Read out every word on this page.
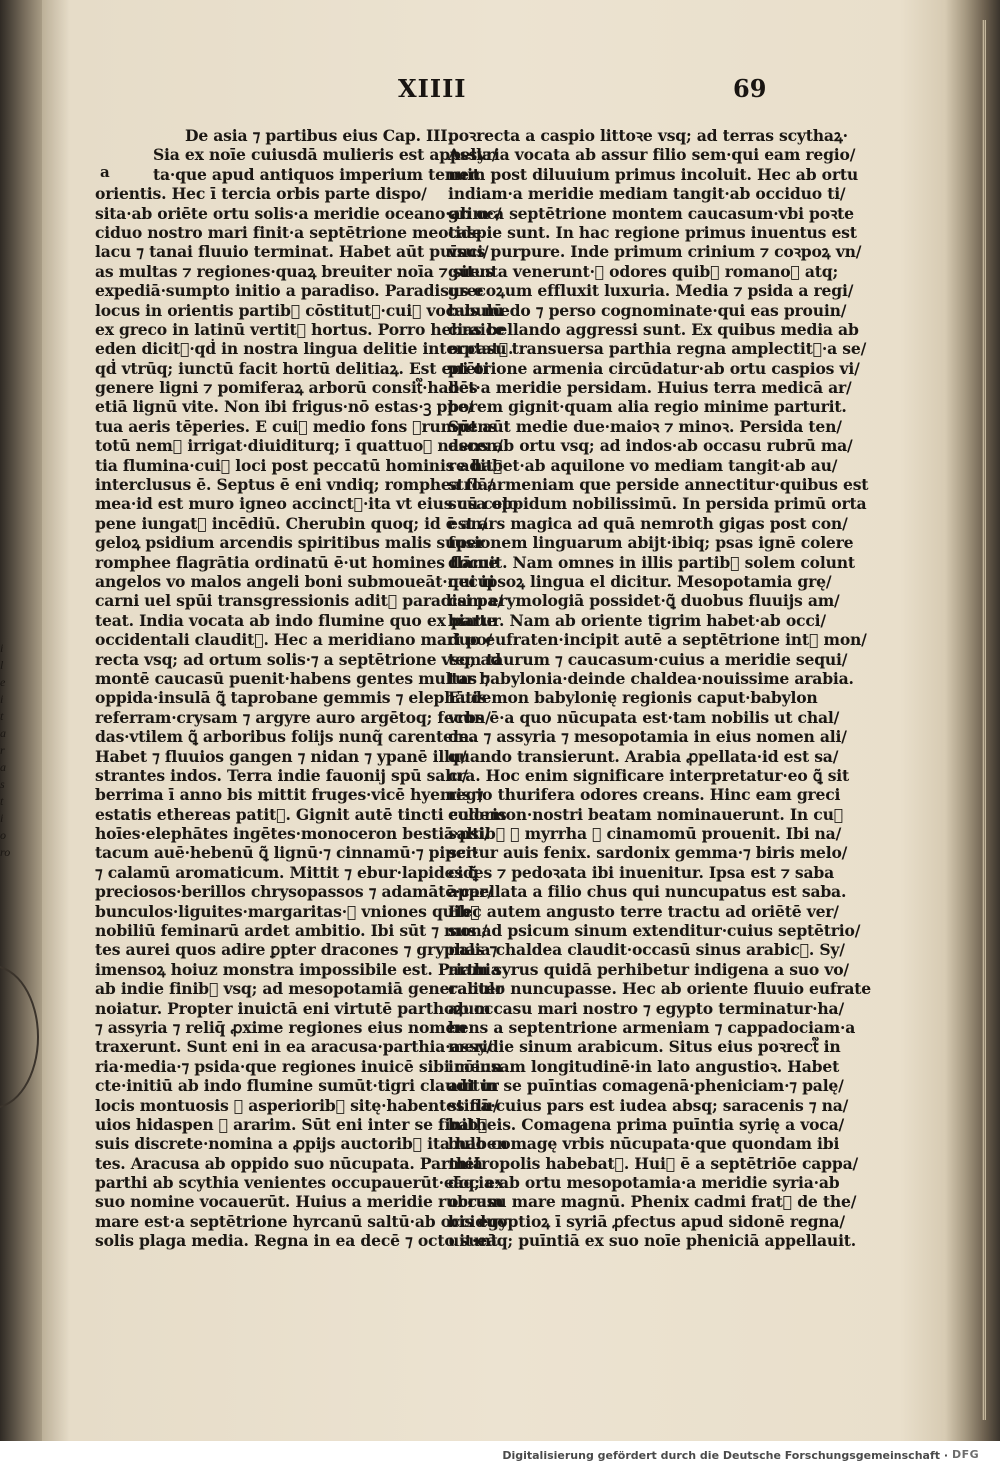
i
l
e
i
t
a
r
a
s
t
i
o
ro
XIIII	69
a
De asia ⁊ partibus eius Cap. III.
Sia ex noīe cuiusdā mulieris est appella/
ta·que apud antiquos imperium tenuit
orientis. Hec ī tercia orbis parte dispo/
sita·ab oriēte ortu solis·a meridie oceano·ab oc/
ciduo nostro mari finit·a septētrione meotide
lacu ⁊ tanai fluuio terminat. Habet aūt puīnci/
as multas ⁊ regiones·quaꝝ breuiter noīa ⁊ situs
expediā·sumpto initio a paradiso. Paradisus e
locus in orientis partib᷑ cōstitut᷑·cui᷑ vocabulū
ex greco in latinū vertit᷑ hortus. Porro hebraice
eden dicit᷑·qḋ in nostra lingua delitie interptat᷑.
qḋ vtrūq; iunctū facit hortū delitiaꝝ. Est eni oi
genere ligni ⁊ pomiferaꝝ arborū consit᷑·habēs
etiā lignū vite. Non ibi frigus·nō estas·ꝫ ppe/
tua aeris tēperies. E cui᷑ medio fons ꝓrumpens
totū nem᷑ irrigat·diuiditurq; ī quattuoꝛ nascen/
tia flumina·cui᷑ loci post peccatū hominis adit᷑
interclusus ē. Septus ē eni vndiq; romphea flā/
mea·id est muro igneo accinct᷑·ita vt eius cū celo
pene iungat᷑ incēdiū. Cherubin quoq; id ē an/
geloꝝ psidium arcendis spiritibus malis super
romphee flagrātia ordinatū ē·ut homines flāme
angelos vo malos angeli boni submoueāt·necui
carni uel spūi transgressionis adit᷑ paradisi pa/
teat. India vocata ab indo flumine quo ex parte
occidentali claudit᷑. Hec a meridiano mari po/
recta vsq; ad ortum solis·⁊ a septētrione vsq; ad
montē caucasū puenit·habens gentes multas ⁊
oppida·insulā ꝗ̃ taprobane gemmis ⁊ elephātis
referram·crysam ⁊ argyre auro argētoq; fecun/
das·vtilem ꝗ̃ arboribus folijs nunq̃ carentem.
Habet ⁊ fluuios gangen ⁊ nidan ⁊ ypanē illu/
strantes indos. Terra indie fauonij spū salu/
berrima ī anno bis mittit fruges·vicē hyemis ⁊
estatis ethereas patit᷑. Gignit autē tincti coloris
hoīes·elephātes ingētes·monoceron bestiā·psi/
tacum auē·hebenū ꝗ̃ lignū·⁊ cinnamū·⁊ piper·
⁊ calamū aromaticum. Mittit ⁊ ebur·lapides ꝗ̃
preciosos·berillos chrysopassos ⁊ adamātē·car/
bunculos·liguites·margaritas·⁊ vniones quib᷑
nobiliū feminarū ardet ambitio. Ibi sūt ⁊ mon/
tes aurei quos adire ꝑpter dracones ⁊ gryphas·⁊
imensoꝝ hoiuz monstra impossibile est. Parthia
ab indie finib᷑ vsq; ad mesopotamiā generaliter
noiatur. Propter inuictā eni virtutē parthoꝝum
⁊ assyria ⁊ reliq̄ ꝓxime regiones eius nomen
traxerunt. Sunt eni in ea aracusa·parthia·assy/
ria·media·⁊ psida·que regiones inuicē sibi cōiun
cte·initiū ab indo flumine sumūt·tigri clauditur
locis montuosis ⁊ asperiorib᷑ sitę·habentes flu/
uios hidaspen ⁊ ararim. Sūt eni inter se finib᷑
suis discrete·nomina a ꝓpijs auctorib᷑ ita haben
tes. Aracusa ab oppido suo nūcupata. Parthiā
parthi ab scythia venientes occupauerūt·eāq; ex
suo nomine vocauerūt. Huius a meridie rubrum
mare est·a septētrione hyrcanū saltū·ab occiduo
solis plaga media. Regna in ea decē ⁊ octo sunt
poꝛrecta a caspio littoꝛe vsq; ad terras scythaꝝ·
Assyria vocata ab assur filio sem·qui eam regio/
nem post diluuium primus incoluit. Hec ab ortu
indiam·a meridie mediam tangit·ab occiduo ti/
grim·a septētrione montem caucasum·vbi poꝛte
caspie sunt. In hac regione primus inuentus est
vsus purpure. Inde primum crinium ⁊ coꝛpoꝝ vn/
guenta venerunt·⁊ odores quib᷑ romanoꝝ atq;
grecoꝝum effluxit luxuria. Media ⁊ psida a regi/
bus medo ⁊ perso cognominate·qui eas prouin/
cias bellando aggressi sunt. Ex quibus media ab
occasu transuersa parthia regna amplectit᷑·a se/
ptētrione armenia circūdatur·ab ortu caspios vi/
det·a meridie persidam. Huius terra medicā ar/
borem gignit·quam alia regio minime parturit.
Sūt aūt medie due·maioꝛ ⁊ minoꝛ. Persida ten/
dens ab ortu vsq; ad indos·ab occasu rubrū ma/
re habet·ab aquilone vo mediam tangit·ab au/
stro armeniam que perside annectitur·quibus est
susa oppidum nobilissimū. In persida primū orta
est ars magica ad quā nemroth gigas post con/
fusionem linguarum abijt·ibiq; psas ignē colere
docuit. Nam omnes in illis partib᷑ solem colunt
qui ipsoꝝ lingua el dicitur. Mesopotamia grę/
cam erymologiā possidet·ꝗ̃ duobus fluuijs am/
biatur. Nam ab oriente tigrim habet·ab occi/
duo eufraten·incipit autē a septētrione int᷑ mon/
tem taurum ⁊ caucasum·cuius a meridie sequi/
tur babylonia·deinde chaldea·nouissime arabia.
Eudemon babylonię regionis caput·babylon
vrbs ē·a quo nūcupata est·tam nobilis ut chal/
dea ⁊ assyria ⁊ mesopotamia in eius nomen ali/
quando transierunt. Arabia ꝓpellata·id est sa/
cra. Hoc enim significare interpretatur·eo ꝗ̃ sit
regio thurifera odores creans. Hinc eam greci
eudemon·nostri beatam nominauerunt. In cu᷑
saltib᷑ ⁊ myrrha ⁊ cinamomū prouenit. Ibi na/
scitur auis fenix. sardonix gemma·⁊ biris melo/
cides ⁊ pedoꝛata ibi inuenitur. Ipsa est ⁊ saba
appellata a filio chus qui nuncupatus est saba.
Hec autem angusto terre tractu ad oriētē ver/
sus ad psicum sinum extenditur·cuius septētrio/
nalia chaldea claudit·occasū sinus arabic᷑. Sy/
riam syrus quidā perhibetur indigena a suo vo/
cabulo nuncupasse. Hec ab oriente fluuio eufrate
ab occasu mari nostro ⁊ egypto terminatur·ha/
bens a septentrione armeniam ⁊ cappadociam·a
meridie sinum arabicum. Situs eius poꝛrect᷑ in
imensam longitudinē·in lato angustioꝛ. Habet
aūt in se puīntias comagenā·pheniciam·⁊ palę/
stinā·cuius pars est iudea absq; saracenis ⁊ na/
batheis. Comagena prima puīntia syrię a voca/
bulo comagę vrbis nūcupata·que quondam ibi
metropolis habebat᷑. Hui᷑ ē a septētriōe cappa/
docia·ab ortu mesopotamia·a meridie syria·ab
occasu mare magnū. Phenix cadmi frat᷑ de the/
bis egyptioꝝ ī syriā ꝓfectus apud sidonē regna/
uit·eāq; puīntiā ex suo noīe pheniciā appellauit.
Digitalisierung gefördert durch die Deutsche Forschungsgemeinschaft · DFG
